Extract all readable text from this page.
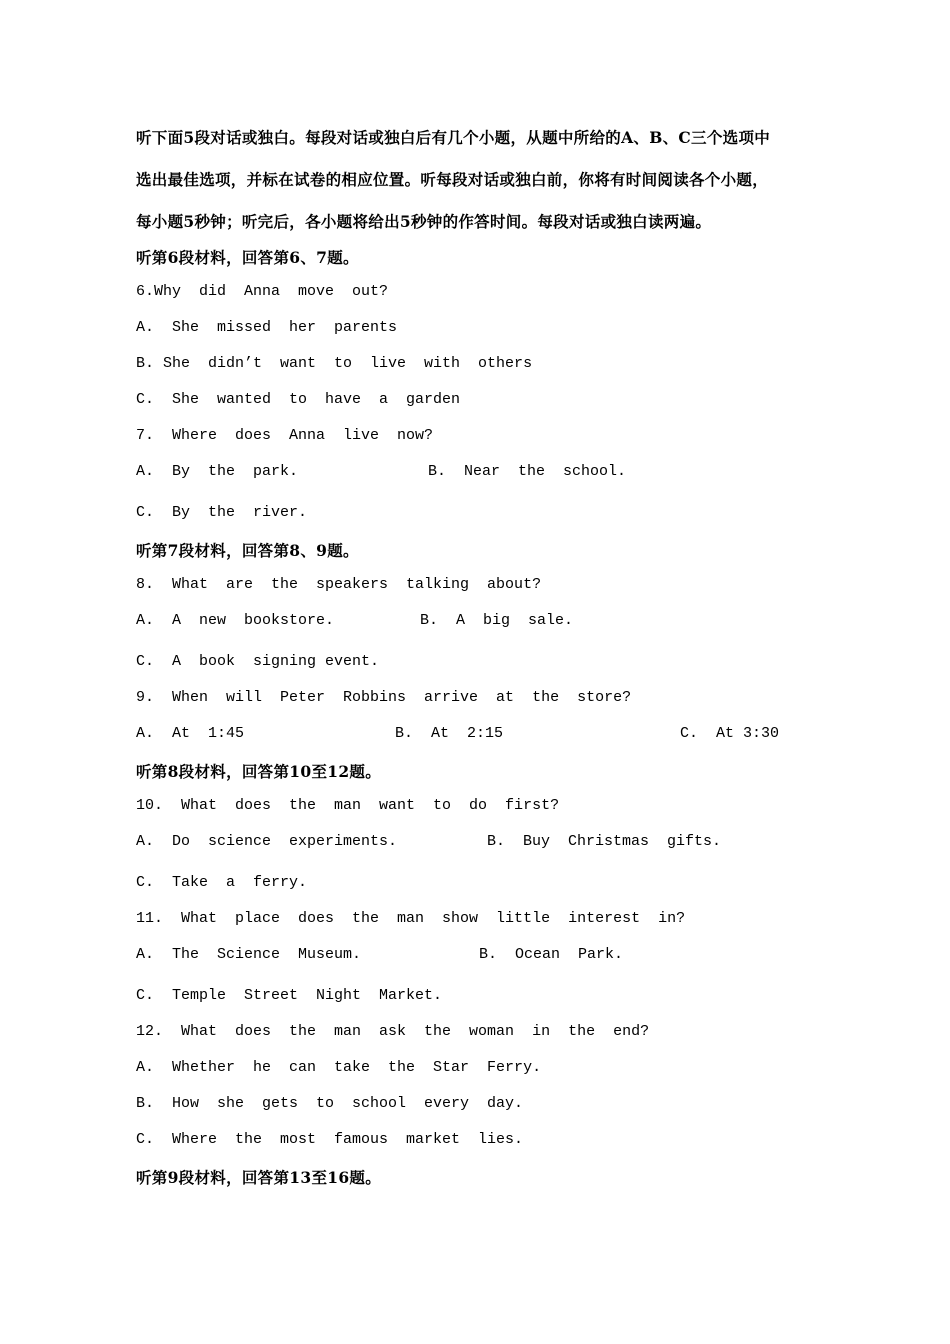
听下面5段对话或独白。每段对话或独白后有几个小题，从题中所给的A、B、C三个选项中
选出最佳选项，并标在试卷的相应位置。听每段对话或独白前，你将有时间阅读各个小题，
每小题5秒钟；听完后，各小题将给出5秒钟的作答时间。每段对话或独白读两遍。
听第6段材料，回答第6、7题。
6.Why  did  Anna  move  out?
A.  She  missed  her  parents
B. She  didn’t  want  to  live  with  others
C.  She  wanted  to  have  a  garden
7.  Where  does  Anna  live  now?
A.  By  the  park.	B.  Near  the  school.
C.  By  the  river.
听第7段材料，回答第8、9题。
8.  What  are  the  speakers  talking  about?
A.  A  new  bookstore.	B.  A  big  sale.
C.  A  book  signing event.
9.  When  will  Peter  Robbins  arrive  at  the  store?
A.  At  1:45	B.  At  2:15	C.  At 3:30
听第8段材料，回答第10至12题。
10.  What  does  the  man  want  to  do  first?
A.  Do  science  experiments.	B.  Buy  Christmas  gifts.
C.  Take  a  ferry.
11.  What  place  does  the  man  show  little  interest  in?
A.  The  Science  Museum.	B.  Ocean  Park.
C.  Temple  Street  Night  Market.
12.  What  does  the  man  ask  the  woman  in  the  end?
A.  Whether  he  can  take  the  Star  Ferry.
B.  How  she  gets  to  school  every  day.
C.  Where  the  most  famous  market  lies.
听第9段材料，回答第13至16题。
